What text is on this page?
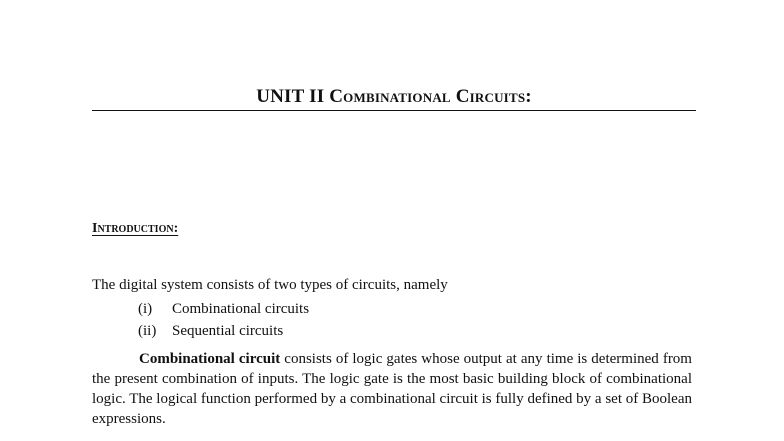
UNIT II Combinational Circuits:
Introduction:
The digital system consists of two types of circuits, namely
(i)	Combinational circuits
(ii)	Sequential circuits
Combinational circuit consists of logic gates whose output at any time is determined from the present combination of inputs. The logic gate is the most basic building block of combinational logic. The logical function performed by a combinational circuit is fully defined by a set of Boolean expressions.
